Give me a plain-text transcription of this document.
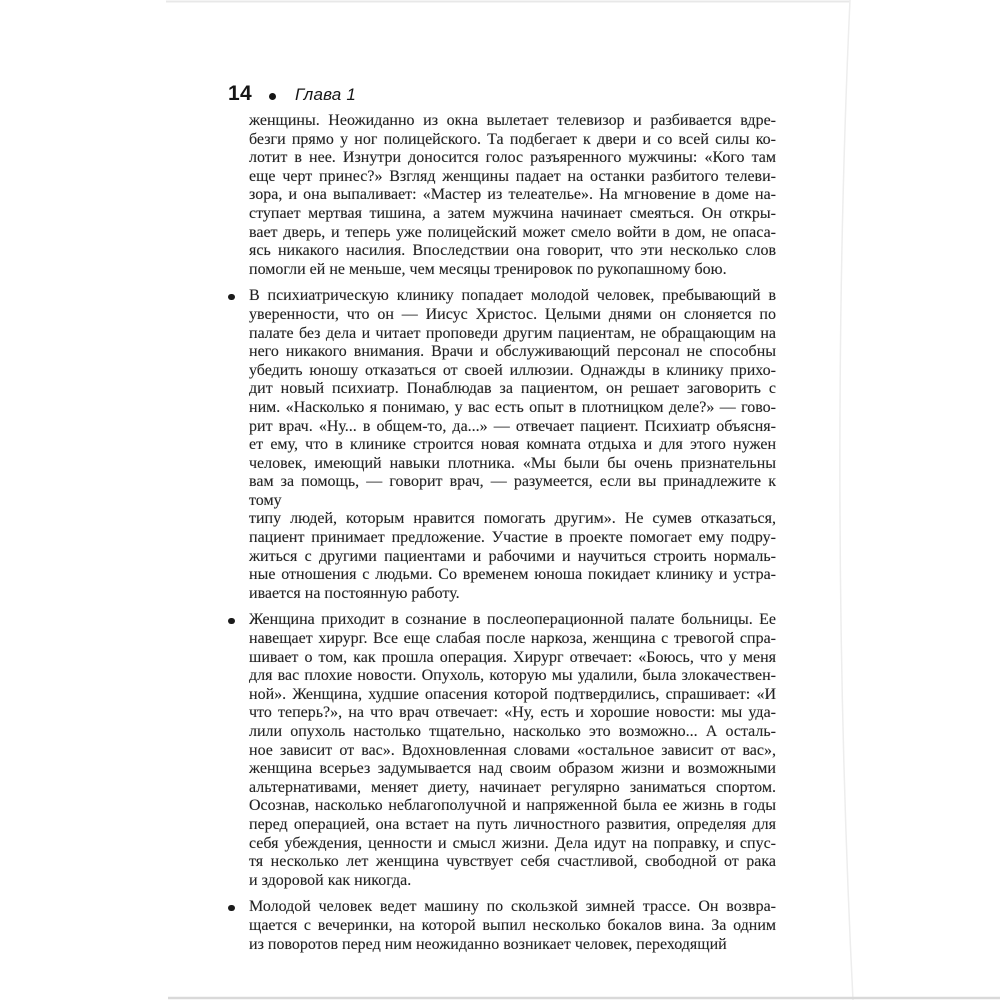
14	Глава 1
женщины. Неожиданно из окна вылетает телевизор и разбивается вдре-
безги прямо у ног полицейского. Та подбегает к двери и со всей силы ко-
лотит в нее. Изнутри доносится голос разъяренного мужчины: «Кого там
еще черт принес?» Взгляд женщины падает на останки разбитого телеви-
зора, и она выпаливает: «Мастер из телеателье». На мгновение в доме на-
ступает мертвая тишина, а затем мужчина начинает смеяться. Он откры-
вает дверь, и теперь уже полицейский может смело войти в дом, не опаса-
ясь никакого насилия. Впоследствии она говорит, что эти несколько слов
помогли ей не меньше, чем месяцы тренировок по рукопашному бою.
В психиатрическую клинику попадает молодой человек, пребывающий в
уверенности, что он — Иисус Христос. Целыми днями он слоняется по
палате без дела и читает проповеди другим пациентам, не обращающим на
него никакого внимания. Врачи и обслуживающий персонал не способны
убедить юношу отказаться от своей иллюзии. Однажды в клинику прихо-
дит новый психиатр. Понаблюдав за пациентом, он решает заговорить с
ним. «Насколько я понимаю, у вас есть опыт в плотницком деле?» — гово-
рит врач. «Ну... в общем-то, да...» — отвечает пациент. Психиатр объясня-
ет ему, что в клинике строится новая комната отдыха и для этого нужен
человек, имеющий навыки плотника. «Мы были бы очень признательны
вам за помощь, — говорит врач, — разумеется, если вы принадлежите к тому
типу людей, которым нравится помогать другим». Не сумев отказаться,
пациент принимает предложение. Участие в проекте помогает ему подру-
житься с другими пациентами и рабочими и научиться строить нормаль-
ные отношения с людьми. Со временем юноша покидает клинику и устра-
ивается на постоянную работу.
Женщина приходит в сознание в послеоперационной палате больницы. Ее
навещает хирург. Все еще слабая после наркоза, женщина с тревогой спра-
шивает о том, как прошла операция. Хирург отвечает: «Боюсь, что у меня
для вас плохие новости. Опухоль, которую мы удалили, была злокачествен-
ной». Женщина, худшие опасения которой подтвердились, спрашивает: «И
что теперь?», на что врач отвечает: «Ну, есть и хорошие новости: мы уда-
лили опухоль настолько тщательно, насколько это возможно... А осталь-
ное зависит от вас». Вдохновленная словами «остальное зависит от вас»,
женщина всерьез задумывается над своим образом жизни и возможными
альтернативами, меняет диету, начинает регулярно заниматься спортом.
Осознав, насколько неблагополучной и напряженной была ее жизнь в годы
перед операцией, она встает на путь личностного развития, определяя для
себя убеждения, ценности и смысл жизни. Дела идут на поправку, и спус-
тя несколько лет женщина чувствует себя счастливой, свободной от рака
и здоровой как никогда.
Молодой человек ведет машину по скользкой зимней трассе. Он возвра-
щается с вечеринки, на которой выпил несколько бокалов вина. За одним
из поворотов перед ним неожиданно возникает человек, переходящий
